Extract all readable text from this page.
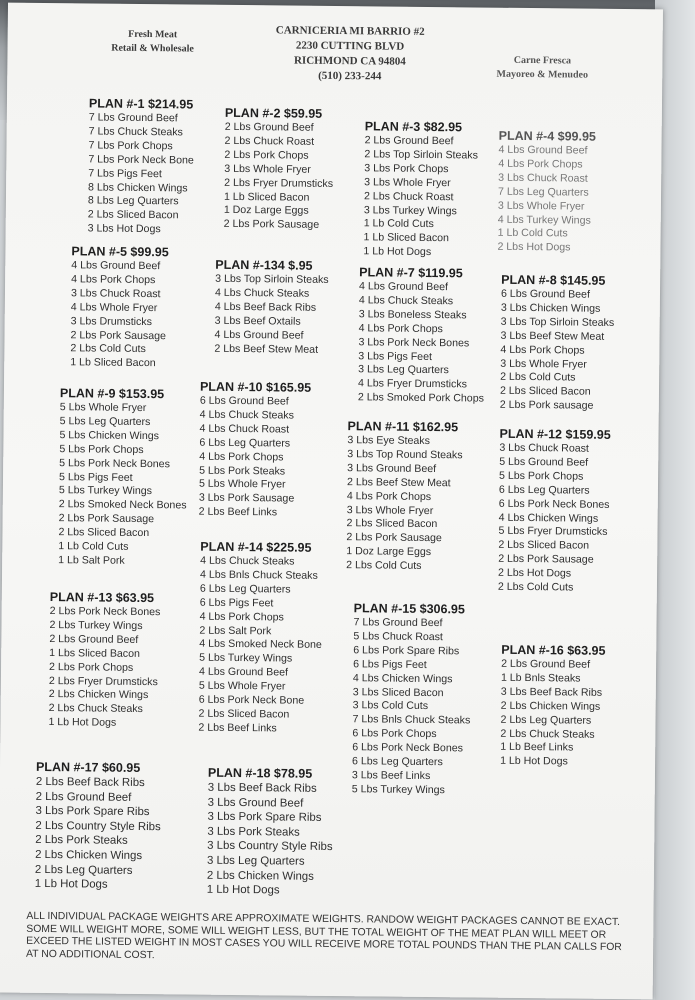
Fresh Meat
Retail & Wholesale
CARNICERIA MI BARRIO #2
2230 CUTTING BLVD
RICHMOND CA 94804
(510) 233-244
Carne Fresca
Mayoreo & Menudeo
PLAN #-1 $214.95
7 Lbs Ground Beef
7 Lbs Chuck Steaks
7 Lbs Pork Chops
7 Lbs Pork Neck Bone
7 Lbs Pigs Feet
8 Lbs Chicken Wings
8 Lbs Leg Quarters
2 Lbs Sliced Bacon
3 Lbs Hot Dogs
PLAN #-2 $59.95
2 Lbs Ground Beef
2 Lbs Chuck Roast
2 Lbs Pork Chops
3 Lbs Whole Fryer
2 Lbs Fryer Drumsticks
1 Lb Sliced Bacon
1 Doz Large Eggs
2 Lbs Pork Sausage
PLAN #-3 $82.95
2 Lbs Ground Beef
2 Lbs Top Sirloin Steaks
3 Lbs Pork Chops
3 Lbs Whole Fryer
2 Lbs Chuck Roast
3 Lbs Turkey Wings
1 Lb Cold Cuts
1 Lb Sliced Bacon
1 Lb Hot Dogs
PLAN #-4 $99.95
4 Lbs Ground Beef
4 Lbs Pork Chops
3 Lbs Chuck Roast
7 Lbs Leg Quarters
3 Lbs Whole Fryer
4 Lbs Turkey Wings
1 Lb Cold Cuts
2 Lbs Hot Dogs
PLAN #-5 $99.95
4 Lbs Ground Beef
4 Lbs Pork Chops
3 Lbs Chuck Roast
4 Lbs Whole Fryer
3 Lbs Drumsticks
2 Lbs Pork Sausage
2 Lbs Cold Cuts
1 Lb Sliced Bacon
PLAN #-134 $.95
3 Lbs Top Sirloin Steaks
4 Lbs Chuck Steaks
4 Lbs Beef Back Ribs
3 Lbs Beef Oxtails
4 Lbs Ground Beef
2 Lbs Beef Stew Meat
PLAN #-7 $119.95
4 Lbs Ground Beef
4 Lbs Chuck Steaks
3 Lbs Boneless Steaks
4 Lbs Pork Chops
3 Lbs Pork Neck Bones
3 Lbs Pigs Feet
3 Lbs Leg Quarters
4 Lbs Fryer Drumsticks
2 Lbs Smoked Pork Chops
PLAN #-8 $145.95
6 Lbs Ground Beef
3 Lbs Chicken Wings
3 Lbs Top Sirloin Steaks
3 Lbs Beef Stew Meat
4 Lbs Pork Chops
3 Lbs Whole Fryer
2 Lbs Cold Cuts
2 Lbs Sliced Bacon
2 Lbs Pork sausage
PLAN #-9 $153.95
5 Lbs Whole Fryer
5 Lbs Leg Quarters
5 Lbs Chicken Wings
5 Lbs Pork Chops
5 Lbs Pork Neck Bones
5 Lbs Pigs Feet
5 Lbs Turkey Wings
2 Lbs Smoked Neck Bones
2 Lbs Pork Sausage
2 Lbs Sliced Bacon
1 Lb Cold Cuts
1 Lb Salt Pork
PLAN #-10 $165.95
6 Lbs Ground Beef
4 Lbs Chuck Steaks
4 Lbs Chuck Roast
6 Lbs Leg Quarters
4 Lbs Pork Chops
5 Lbs Pork Steaks
5 Lbs Whole Fryer
3 Lbs Pork Sausage
2 Lbs Beef Links
PLAN #-11 $162.95
3 Lbs Eye Steaks
3 Lbs Top Round Steaks
3 Lbs Ground Beef
2 Lbs Beef Stew Meat
4 Lbs Pork Chops
3 Lbs Whole Fryer
2 Lbs Sliced Bacon
2 Lbs Pork Sausage
1 Doz Large Eggs
2 Lbs Cold Cuts
PLAN #-12 $159.95
3 Lbs Chuck Roast
5 Lbs Ground Beef
5 Lbs Pork Chops
6 Lbs Leg Quarters
6 Lbs Pork Neck Bones
4 Lbs Chicken Wings
5 Lbs Fryer Drumsticks
2 Lbs Sliced Bacon
2 Lbs Pork Sausage
2 Lbs Hot Dogs
2 Lbs Cold Cuts
PLAN #-13 $63.95
2 Lbs Pork Neck Bones
2 Lbs Turkey Wings
2 Lbs Ground Beef
1 Lbs Sliced Bacon
2 Lbs Pork Chops
2 Lbs Fryer Drumsticks
2 Lbs Chicken Wings
2 Lbs Chuck Steaks
1 Lb Hot Dogs
PLAN #-14 $225.95
4 Lbs Chuck Steaks
4 Lbs Bnls Chuck Steaks
6 Lbs Leg Quarters
6 Lbs Pigs Feet
4 Lbs Pork Chops
2 Lbs Salt Pork
4 Lbs Smoked Neck Bone
5 Lbs Turkey Wings
4 Lbs Ground Beef
5 Lbs Whole Fryer
6 Lbs Pork Neck Bone
2 Lbs Sliced Bacon
2 Lbs Beef Links
PLAN #-15 $306.95
7 Lbs Ground Beef
5 Lbs Chuck Roast
6 Lbs Pork Spare Ribs
6 Lbs Pigs Feet
4 Lbs Chicken Wings
3 Lbs Sliced Bacon
3 Lbs Cold Cuts
7 Lbs Bnls Chuck Steaks
6 Lbs Pork Chops
6 Lbs Pork Neck Bones
6 Lbs Leg Quarters
3 Lbs Beef Links
5 Lbs Turkey Wings
PLAN #-16 $63.95
2 Lbs Ground Beef
1 Lb Bnls Steaks
3 Lbs Beef Back Ribs
2 Lbs Chicken Wings
2 Lbs Leg Quarters
2 Lbs Chuck Steaks
1 Lb Beef Links
1 Lb Hot Dogs
PLAN #-17 $60.95
2 Lbs Beef Back Ribs
2 Lbs Ground Beef
3 Lbs Pork Spare Ribs
2 Lbs Country Style Ribs
2 Lbs Pork Steaks
2 Lbs Chicken Wings
2 Lbs Leg Quarters
1 Lb Hot Dogs
PLAN #-18 $78.95
3 Lbs Beef Back Ribs
3 Lbs Ground Beef
3 Lbs Pork Spare Ribs
3 Lbs Pork Steaks
3 Lbs Country Style Ribs
3 Lbs Leg Quarters
2 Lbs Chicken Wings
1 Lb Hot Dogs
ALL INDIVIDUAL PACKAGE WEIGHTS ARE APPROXIMATE WEIGHTS. RANDOW WEIGHT PACKAGES CANNOT BE EXACT. SOME WILL WEIGHT MORE, SOME WILL WEIGHT LESS, BUT THE TOTAL WEIGHT OF THE MEAT PLAN WILL MEET OR EXCEED THE LISTED WEIGHT IN MOST CASES YOU WILL RECEIVE MORE TOTAL POUNDS THAN THE PLAN CALLS FOR AT NO ADDITIONAL COST.
